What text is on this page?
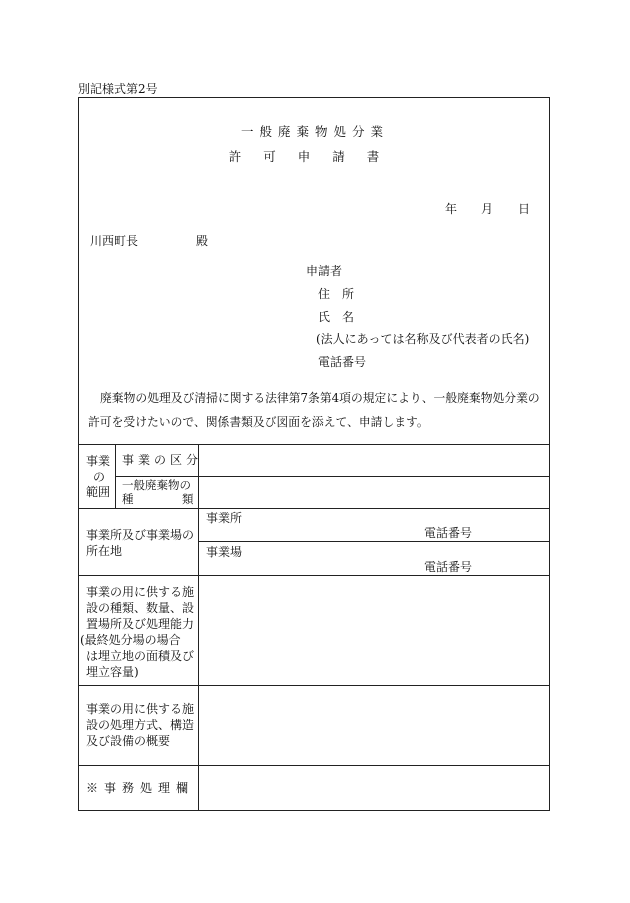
別記様式第2号
一般廃棄物処分業
許可申請書
年 月 日
川西町長	殿
申請者
住　所
氏　名
(法人にあっては名称及び代表者の氏名)
電話番号
廃棄物の処理及び清掃に関する法律第7条第4項の規定により、一般廃棄物処分業の
許可を受けたいので、関係書類及び図面を添えて、申請します。
事業
の
範囲
事業の区分
一般廃棄物の
種	類
事業所及び事業場の
所在地
事業所
電話番号
事業場
電話番号
事業の用に供する施
設の種類、数量、設
置場所及び処理能力
(最終処分場の場合
は埋立地の面積及び
埋立容量)
事業の用に供する施
設の処理方式、構造
及び設備の概要
※事務処理欄
